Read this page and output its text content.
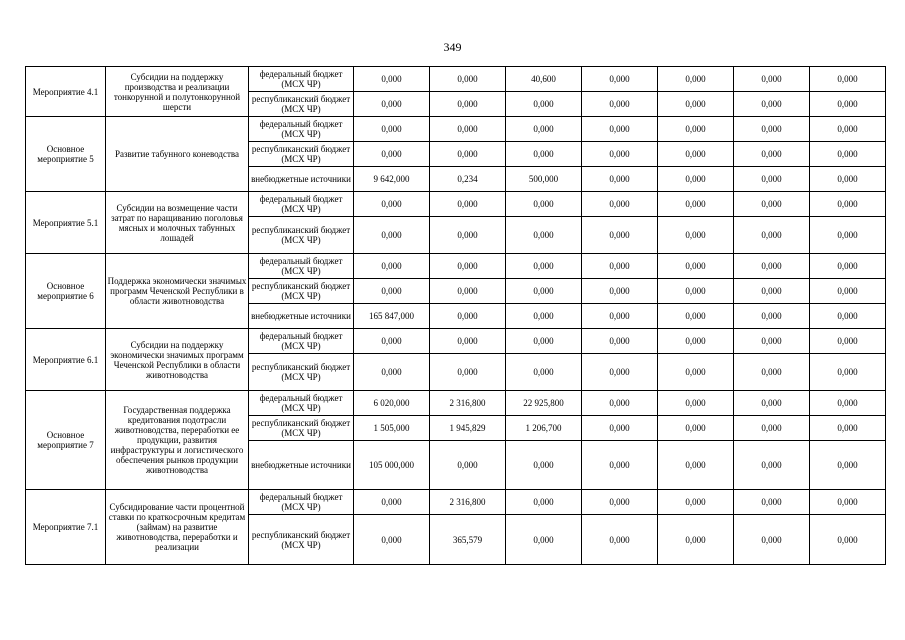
349
Мероприятие 4.1	Субсидии на поддержку производства и реализации тонкорунной и полутонкорунной шерсти	федеральный бюджет (МСХ ЧР)	0,000	0,000	40,600	0,000	0,000	0,000	0,000
		республиканский бюджет (МСХ ЧР)	0,000	0,000	0,000	0,000	0,000	0,000	0,000
Основное мероприятие 5	Развитие табунного коневодства	федеральный бюджет (МСХ ЧР)	0,000	0,000	0,000	0,000	0,000	0,000	0,000
		республиканский бюджет (МСХ ЧР)	0,000	0,000	0,000	0,000	0,000	0,000	0,000
		внебюджетные источники	9 642,000	0,234	500,000	0,000	0,000	0,000	0,000
Мероприятие 5.1	Субсидии на возмещение части затрат по наращиванию поголовья мясных и молочных табунных лошадей	федеральный бюджет (МСХ ЧР)	0,000	0,000	0,000	0,000	0,000	0,000	0,000
		республиканский бюджет (МСХ ЧР)	0,000	0,000	0,000	0,000	0,000	0,000	0,000
Основное мероприятие 6	Поддержка экономически значимых программ Чеченской Республики в области животноводства	федеральный бюджет (МСХ ЧР)	0,000	0,000	0,000	0,000	0,000	0,000	0,000
		республиканский бюджет (МСХ ЧР)	0,000	0,000	0,000	0,000	0,000	0,000	0,000
		внебюджетные источники	165 847,000	0,000	0,000	0,000	0,000	0,000	0,000
Мероприятие 6.1	Субсидии на поддержку экономически значимых программ Чеченской Республики в области животноводства	федеральный бюджет (МСХ ЧР)	0,000	0,000	0,000	0,000	0,000	0,000	0,000
		республиканский бюджет (МСХ ЧР)	0,000	0,000	0,000	0,000	0,000	0,000	0,000
Основное мероприятие 7	Государственная поддержка кредитования подотрасли животноводства, переработки ее продукции, развития инфраструктуры и логистического обеспечения рынков продукции животноводства	федеральный бюджет (МСХ ЧР)	6 020,000	2 316,800	22 925,800	0,000	0,000	0,000	0,000
		республиканский бюджет (МСХ ЧР)	1 505,000	1 945,829	1 206,700	0,000	0,000	0,000	0,000
		внебюджетные источники	105 000,000	0,000	0,000	0,000	0,000	0,000	0,000
Мероприятие 7.1	Субсидирование части процентной ставки по краткосрочным кредитам (займам) на развитие животноводства, переработки и реализации	федеральный бюджет (МСХ ЧР)	0,000	2 316,800	0,000	0,000	0,000	0,000	0,000
		республиканский бюджет (МСХ ЧР)	0,000	365,579	0,000	0,000	0,000	0,000	0,000
